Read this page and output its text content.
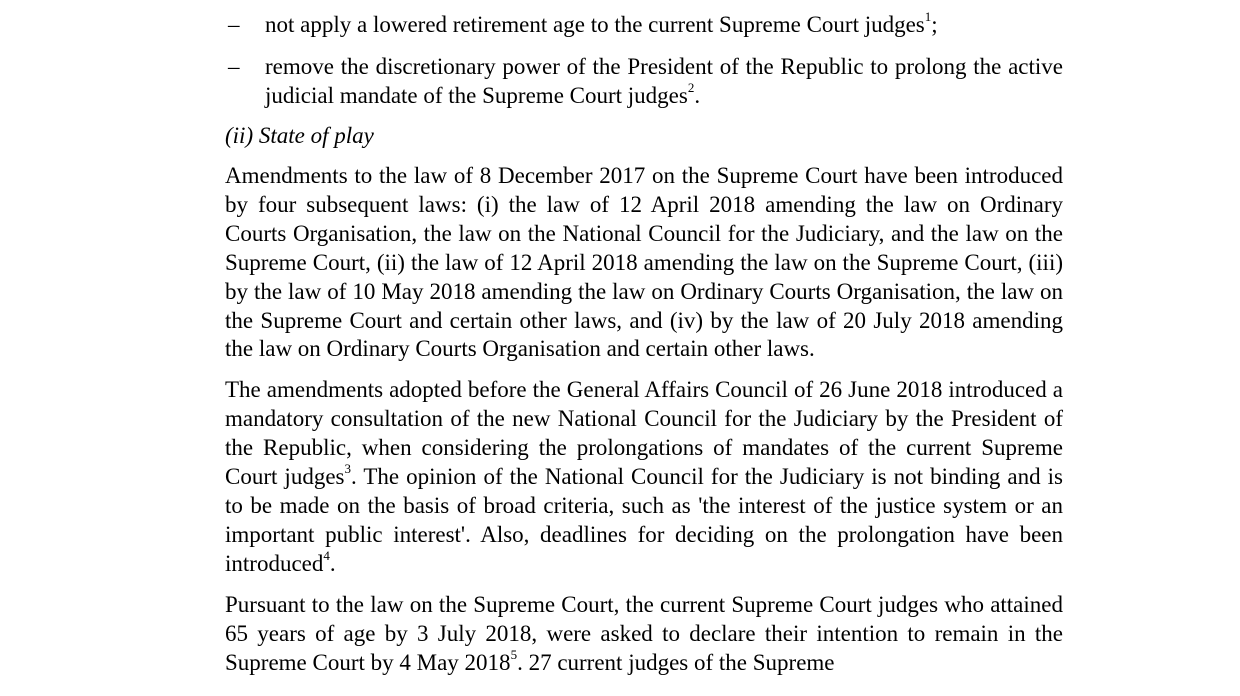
– not apply a lowered retirement age to the current Supreme Court judges$^1$;
– remove the discretionary power of the President of the Republic to prolong the active judicial mandate of the Supreme Court judges$^2$.
(ii) State of play

Amendments to the law of 8 December 2017 on the Supreme Court have been introduced by four subsequent laws: (i) the law of 12 April 2018 amending the law on Ordinary Courts Organisation, the law on the National Council for the Judiciary, and the law on the Supreme Court, (ii) the law of 12 April 2018 amending the law on the Supreme Court, (iii) by the law of 10 May 2018 amending the law on Ordinary Courts Organisation, the law on the Supreme Court and certain other laws, and (iv) by the law of 20 July 2018 amending the law on Ordinary Courts Organisation and certain other laws.

The amendments adopted before the General Affairs Council of 26 June 2018 introduced a mandatory consultation of the new National Council for the Judiciary by the President of the Republic, when considering the prolongations of mandates of the current Supreme Court judges$^3$. The opinion of the National Council for the Judiciary is not binding and is to be made on the basis of broad criteria, such as 'the interest of the justice system or an important public interest'. Also, deadlines for deciding on the prolongation have been introduced$^4$.

Pursuant to the law on the Supreme Court, the current Supreme Court judges who attained 65 years of age by 3 July 2018, were asked to declare their intention to remain in the Supreme Court by 4 May 2018$^5$. 27 current judges of the Supreme
